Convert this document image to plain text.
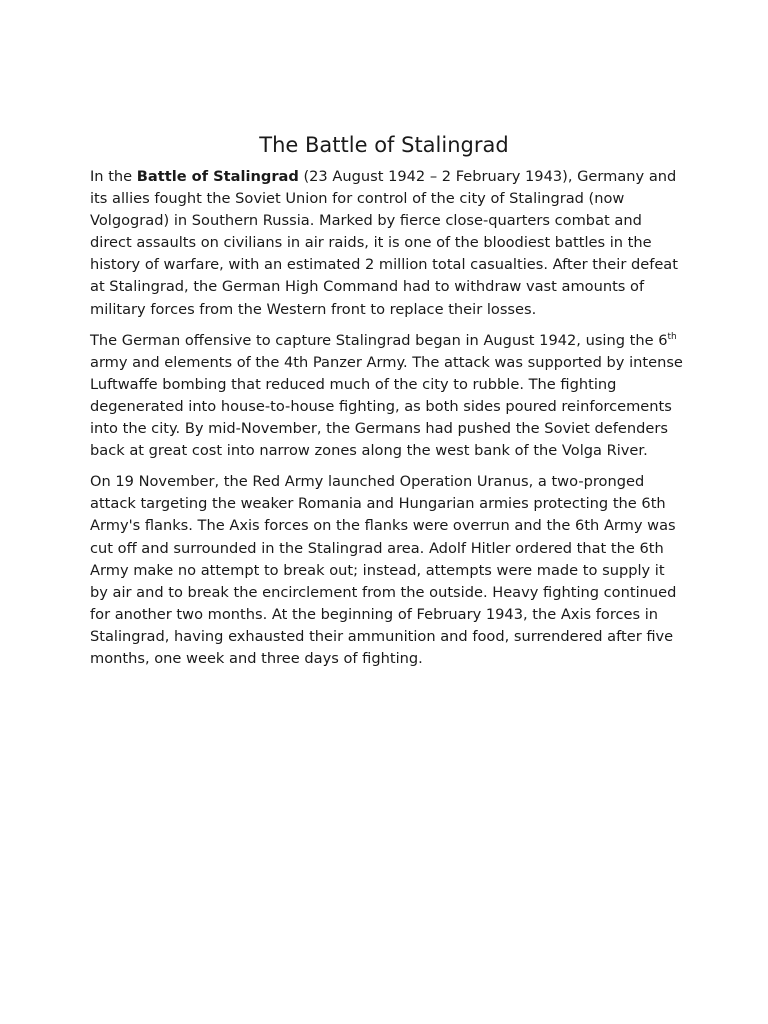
The Battle of Stalingrad

In the Battle of Stalingrad (23 August 1942 – 2 February 1943), Germany and its allies fought the Soviet Union for control of the city of Stalingrad (now Volgograd) in Southern Russia. Marked by fierce close-quarters combat and direct assaults on civilians in air raids, it is one of the bloodiest battles in the history of warfare, with an estimated 2 million total casualties. After their defeat at Stalingrad, the German High Command had to withdraw vast amounts of military forces from the Western front to replace their losses.

The German offensive to capture Stalingrad began in August 1942, using the 6th army and elements of the 4th Panzer Army. The attack was supported by intense Luftwaffe bombing that reduced much of the city to rubble. The fighting degenerated into house-to-house fighting, as both sides poured reinforcements into the city. By mid-November, the Germans had pushed the Soviet defenders back at great cost into narrow zones along the west bank of the Volga River.

On 19 November, the Red Army launched Operation Uranus, a two-pronged attack targeting the weaker Romania and Hungarian armies protecting the 6th Army's flanks. The Axis forces on the flanks were overrun and the 6th Army was cut off and surrounded in the Stalingrad area. Adolf Hitler ordered that the 6th Army make no attempt to break out; instead, attempts were made to supply it by air and to break the encirclement from the outside. Heavy fighting continued for another two months. At the beginning of February 1943, the Axis forces in Stalingrad, having exhausted their ammunition and food, surrendered after five months, one week and three days of fighting.
